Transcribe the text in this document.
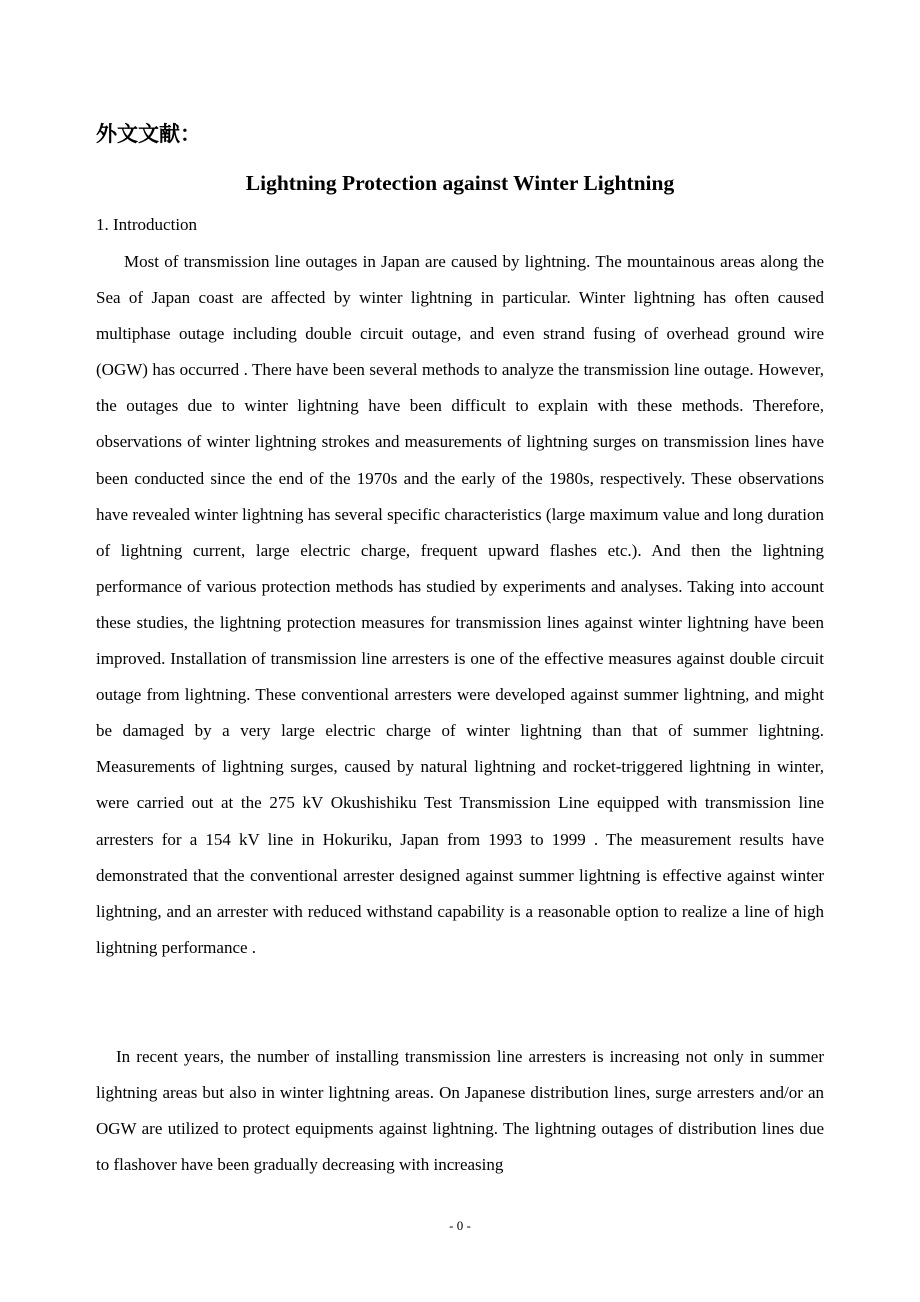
外文文献：
Lightning Protection against Winter Lightning

1. Introduction

Most of transmission line outages in Japan are caused by lightning. The mountainous areas along the Sea of Japan coast are affected by winter lightning in particular. Winter lightning has often caused multiphase outage including double circuit outage, and even strand fusing of overhead ground wire (OGW) has occurred . There have been several methods to analyze the transmission line outage. However, the outages due to winter lightning have been difficult to explain with these methods. Therefore, observations of winter lightning strokes and measurements of lightning surges on transmission lines have been conducted since the end of the 1970s and the early of the 1980s, respectively. These observations have revealed winter lightning has several specific characteristics (large maximum value and long duration of lightning current, large electric charge, frequent upward flashes etc.). And then the lightning performance of various protection methods has studied by experiments and analyses. Taking into account these studies, the lightning protection measures for transmission lines against winter lightning have been improved. Installation of transmission line arresters is one of the effective measures against double circuit outage from lightning. These conventional arresters were developed against summer lightning, and might be damaged by a very large electric charge of winter lightning than that of summer lightning. Measurements of lightning surges, caused by natural lightning and rocket-triggered lightning in winter, were carried out at the 275 kV Okushishiku Test Transmission Line equipped with transmission line arresters for a 154 kV line in Hokuriku, Japan from 1993 to 1999 . The measurement results have demonstrated that the conventional arrester designed against summer lightning is effective against winter lightning, and an arrester with reduced withstand capability is a reasonable option to realize a line of high lightning performance .

In recent years, the number of installing transmission line arresters is increasing not only in summer lightning areas but also in winter lightning areas. On Japanese distribution lines, surge arresters and/or an OGW are utilized to protect equipments against lightning. The lightning outages of distribution lines due to flashover have been gradually decreasing with increasing

- 0 -
